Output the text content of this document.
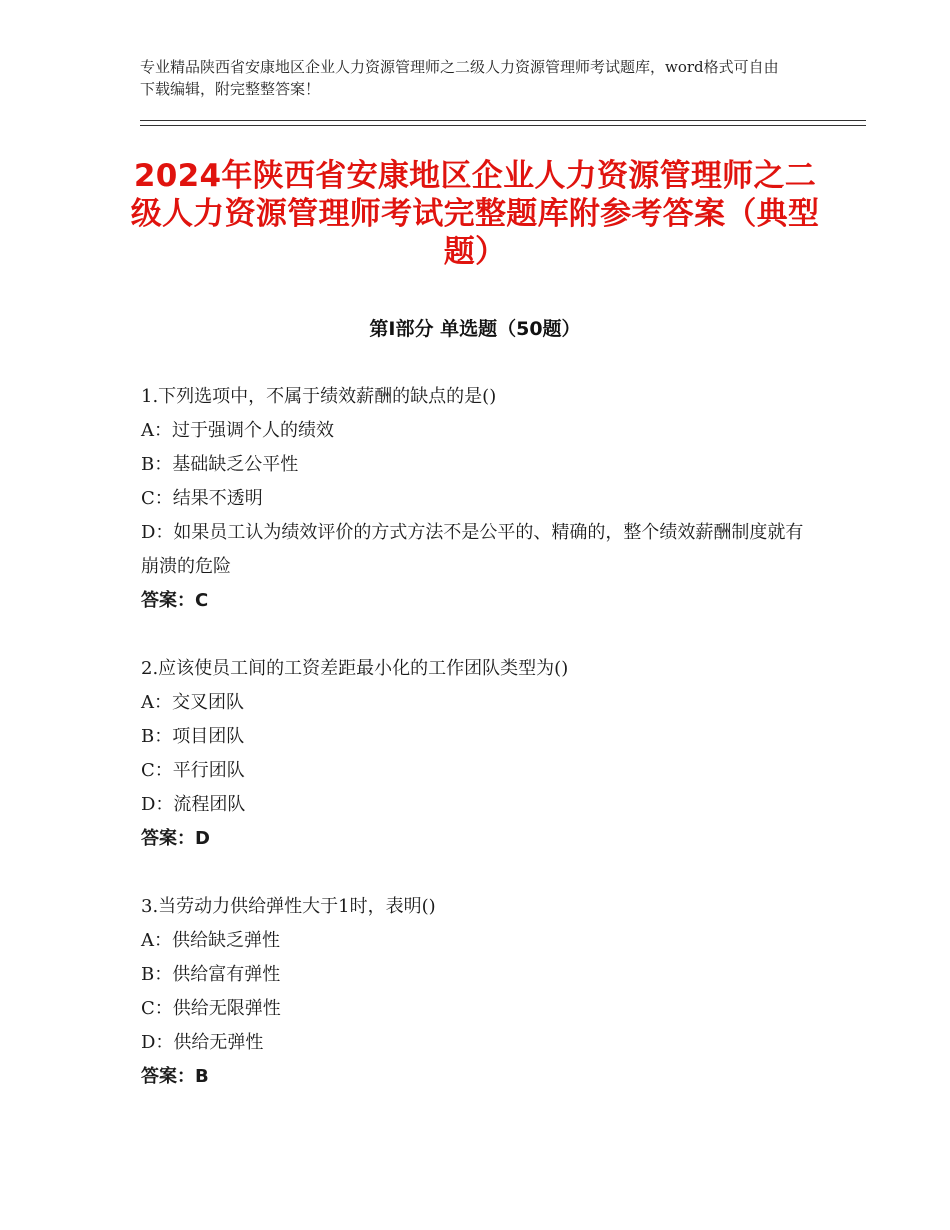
专业精品陕西省安康地区企业人力资源管理师之二级人力资源管理师考试题库，word格式可自由下载编辑，附完整整答案！
2024年陕西省安康地区企业人力资源管理师之二级人力资源管理师考试完整题库附参考答案（典型题）
第Ⅰ部分 单选题（50题）
1.下列选项中，不属于绩效薪酬的缺点的是()
A：过于强调个人的绩效
B：基础缺乏公平性
C：结果不透明
D：如果员工认为绩效评价的方式方法不是公平的、精确的，整个绩效薪酬制度就有崩溃的危险
答案：C
2.应该使员工间的工资差距最小化的工作团队类型为()
A：交叉团队
B：项目团队
C：平行团队
D：流程团队
答案：D
3.当劳动力供给弹性大于1时，表明()
A：供给缺乏弹性
B：供给富有弹性
C：供给无限弹性
D：供给无弹性
答案：B
